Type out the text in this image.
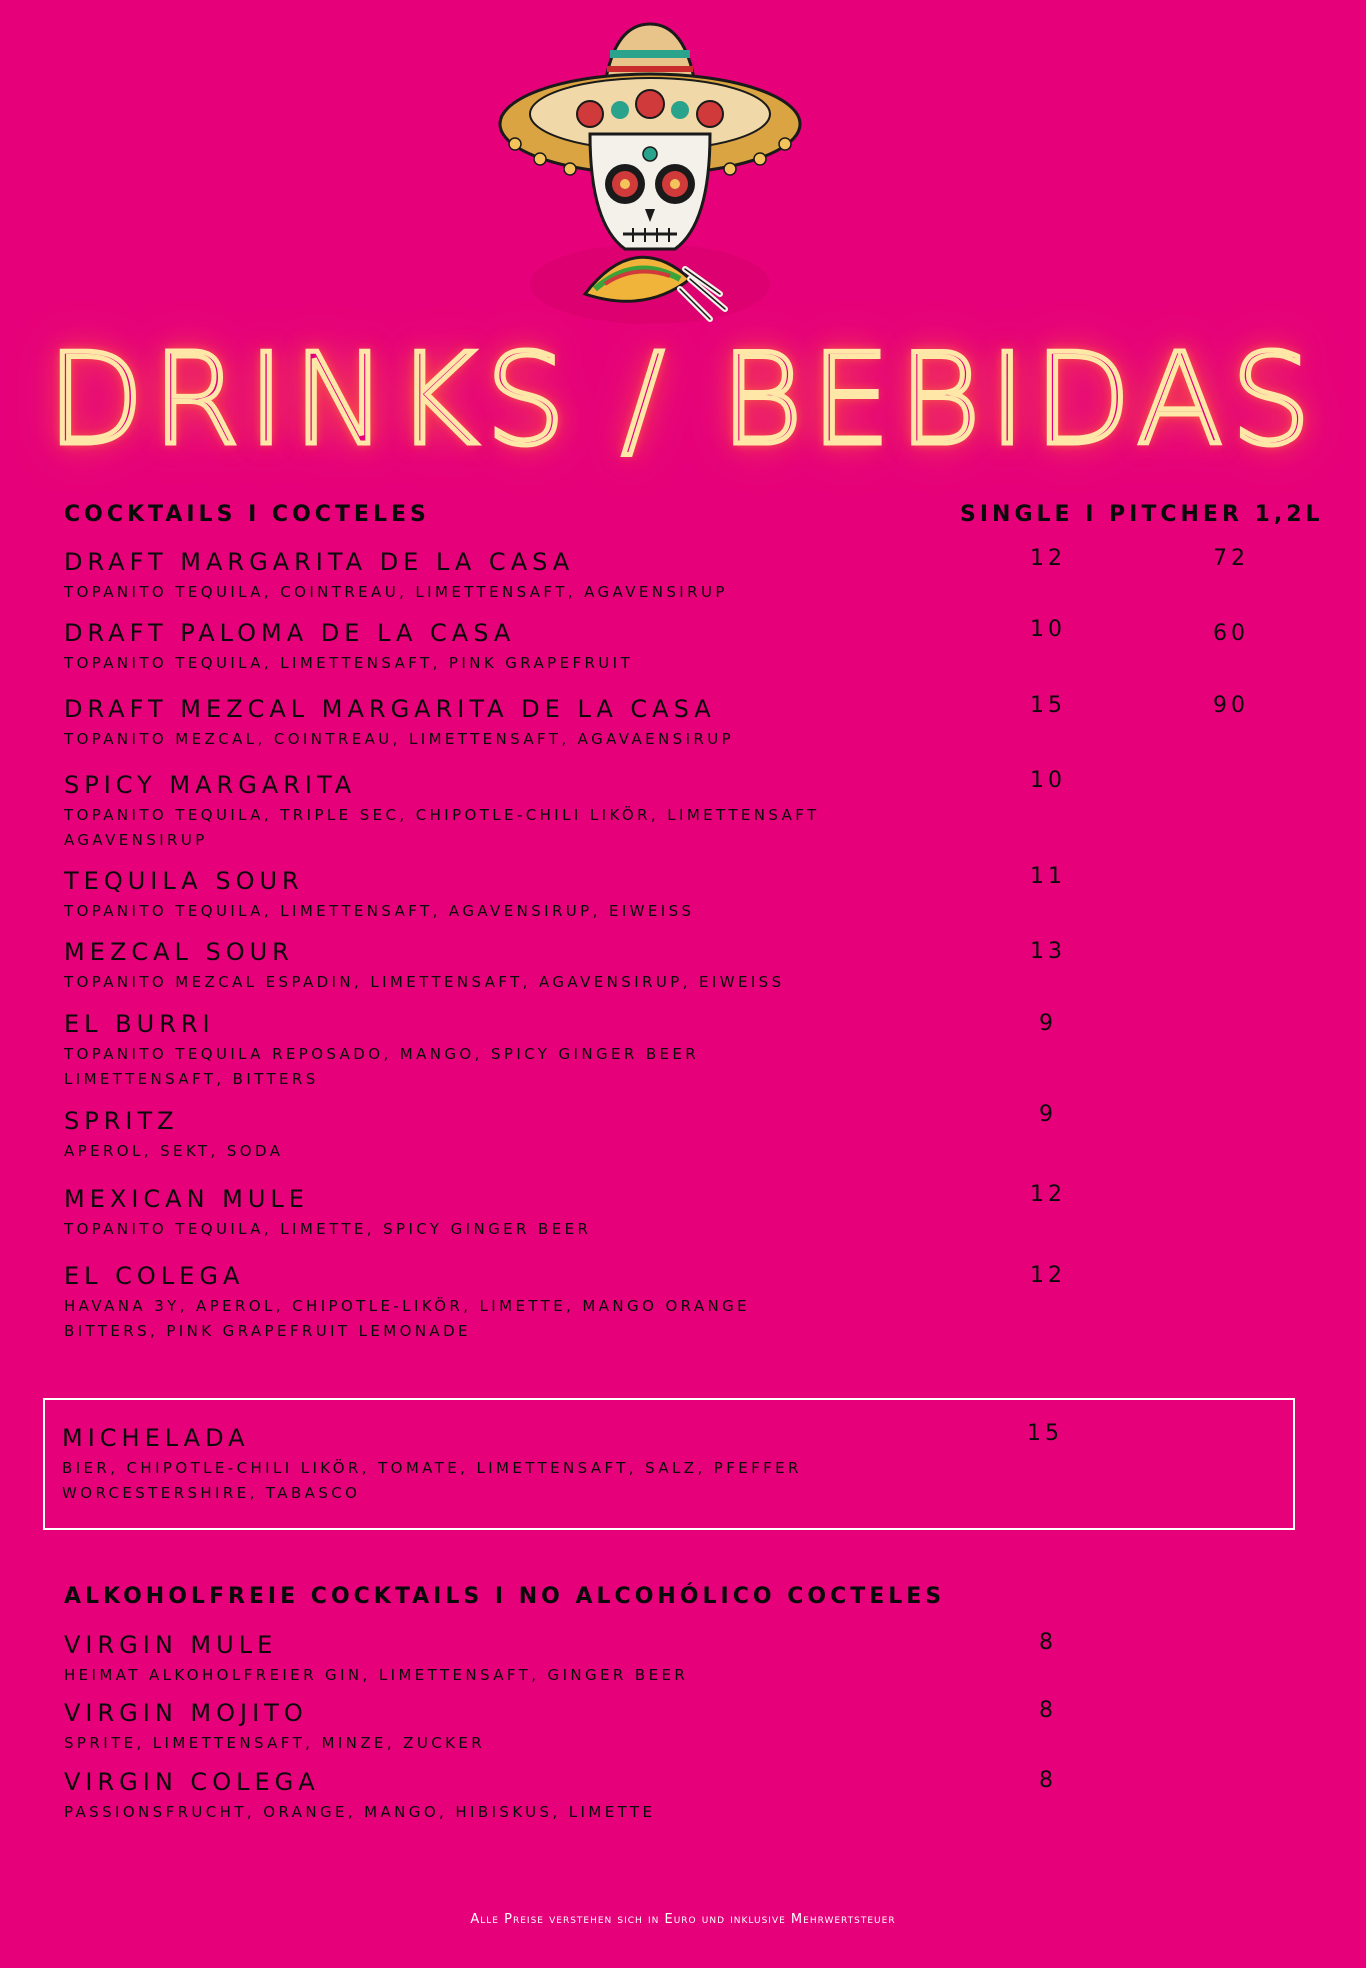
DRINKS / BEBIDAS
COCKTAILS I COCTELES	SINGLE I PITCHER 1,2L
DRAFT MARGARITA DE LA CASA
TOPANITO TEQUILA, COINTREAU, LIMETTENSAFT, AGAVENSIRUP
12	72
DRAFT PALOMA DE LA CASA
TOPANITO TEQUILA, LIMETTENSAFT, PINK GRAPEFRUIT
10	60
DRAFT MEZCAL MARGARITA DE LA CASA
TOPANITO MEZCAL, COINTREAU, LIMETTENSAFT, AGAVAENSIRUP
15	90
SPICY MARGARITA
TOPANITO TEQUILA, TRIPLE SEC, CHIPOTLE-CHILI LIKÖR, LIMETTENSAFT AGAVENSIRUP
10
TEQUILA SOUR
TOPANITO TEQUILA, LIMETTENSAFT, AGAVENSIRUP, EIWEISS
11
MEZCAL SOUR
TOPANITO MEZCAL ESPADIN, LIMETTENSAFT, AGAVENSIRUP, EIWEISS
13
EL BURRI
TOPANITO TEQUILA REPOSADO, MANGO, SPICY GINGER BEER LIMETTENSAFT, BITTERS
9
SPRITZ
APEROL, SEKT, SODA
9
MEXICAN MULE
TOPANITO TEQUILA, LIMETTE, SPICY GINGER BEER
12
EL COLEGA
HAVANA 3Y, APEROL, CHIPOTLE-LIKÖR, LIMETTE, MANGO ORANGE BITTERS, PINK GRAPEFRUIT LEMONADE
12
MICHELADA
BIER, CHIPOTLE-CHILI LIKÖR, TOMATE, LIMETTENSAFT, SALZ, PFEFFER WORCESTERSHIRE, TABASCO
15
ALKOHOLFREIE COCKTAILS I NO ALCOHÓLICO COCTELES
VIRGIN MULE
HEIMAT ALKOHOLFREIER GIN, LIMETTENSAFT, GINGER BEER
8
VIRGIN MOJITO
SPRITE, LIMETTENSAFT, MINZE, ZUCKER
8
VIRGIN COLEGA
PASSIONSFRUCHT, ORANGE, MANGO, HIBISKUS, LIMETTE
8
Alle Preise verstehen sich in Euro und inklusive Mehrwertsteuer
